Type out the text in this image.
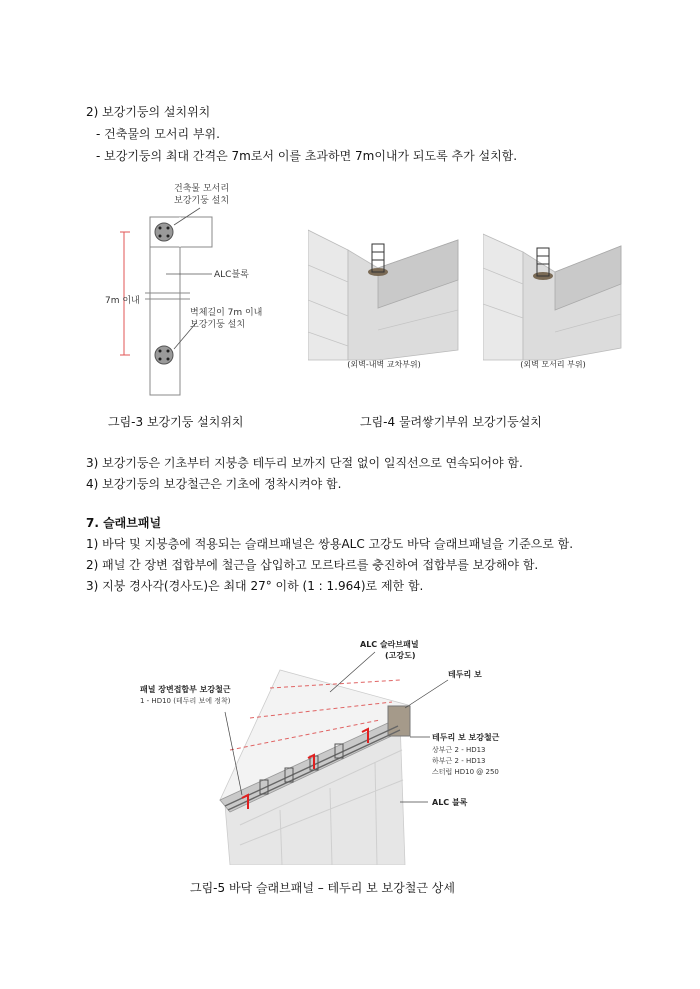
2) 보강기둥의 설치위치
- 건축물의 모서리 부위.
- 보강기둥의 최대 간격은 7m로서 이를 초과하면 7m이내가 되도록 추가 설치함.
건축물 모서리
보강기둥 설치
ALC블록
7m 이내
벽체길이 7m 이내
보강기둥 설치
(외벽-내벽 교차부위)	(외벽 모서리 부위)
그림-3 보강기둥 설치위치	그림-4 물려쌓기부위 보강기둥설치
3) 보강기둥은 기초부터 지붕층 테두리 보까지 단절 없이 일직선으로 연속되어야 함.
4) 보강기둥의 보강철근은 기초에 정착시켜야 함.
7. 슬래브패널
1) 바닥 및 지붕층에 적용되는 슬래브패널은 쌍용ALC 고강도 바닥 슬래브패널을 기준으로 함.
2) 패널 간 장변 접합부에 철근을 삽입하고 모르타르를 충진하여 접합부를 보강해야 함.
3) 지붕 경사각(경사도)은 최대 27° 이하 (1 : 1.964)로 제한 함.
ALC 슬라브패널
(고강도)
테두리 보
패널 장변접합부 보강철근
1 - HD10 (테두리 보에 정착)
테두리 보 보강철근
상부근 2 - HD13
하부근 2 - HD13
스터럽 HD10 @ 250
ALC 블록
그림-5 바닥 슬래브패널 – 테두리 보 보강철근 상세
